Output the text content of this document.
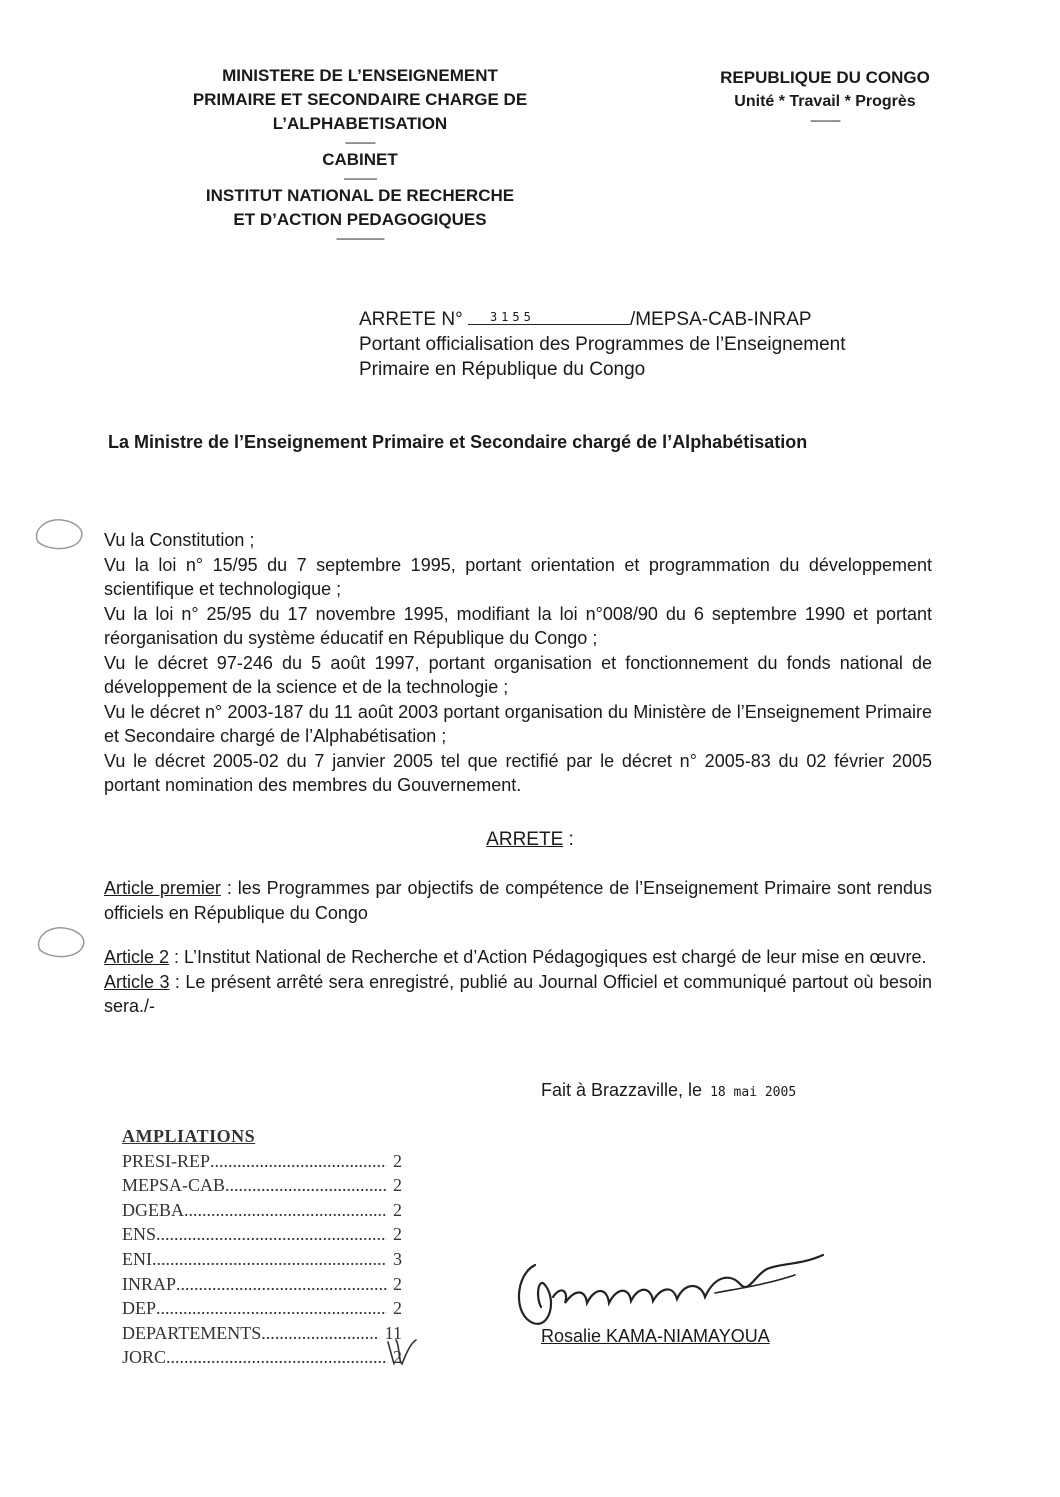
MINISTERE DE L’ENSEIGNEMENT
PRIMAIRE ET SECONDAIRE CHARGE DE
L’ALPHABETISATION
----------
CABINET
-----------
INSTITUT NATIONAL DE RECHERCHE
ET D’ACTION PEDAGOGIQUES
----------------
REPUBLIQUE DU CONGO
Unité * Travail * Progrès
----------
ARRETE N° 3155	/MEPSA-CAB-INRAP
Portant officialisation des Programmes de l’Enseignement
Primaire en République du Congo
La Ministre de l’Enseignement Primaire et Secondaire chargé de l’Alphabétisation

Vu la Constitution ;

Vu la loi n° 15/95 du 7 septembre 1995, portant orientation et programmation du développement scientifique et technologique ;

Vu la loi n° 25/95 du 17 novembre 1995, modifiant la loi n°008/90 du 6 septembre 1990 et portant réorganisation du système éducatif en République du Congo ;

Vu le décret 97-246 du 5 août 1997, portant organisation et fonctionnement du fonds national de développement de la science et de la technologie ;

Vu le décret n° 2003-187 du 11 août 2003 portant organisation du Ministère de l’Enseignement Primaire et Secondaire chargé de l’Alphabétisation ;

Vu le décret 2005-02 du 7 janvier 2005 tel que rectifié par le décret n° 2005-83 du 02 février 2005 portant nomination des membres du Gouvernement.

ARRETE :

Article premier : les Programmes par objectifs de compétence de l’Enseignement Primaire sont rendus officiels en République du Congo

Article 2 : L’Institut National de Recherche et d’Action Pédagogiques est chargé de leur mise en œuvre.

Article 3 : Le présent arrêté sera enregistré, publié au Journal Officiel et communiqué partout où besoin sera./-

Fait à Brazzaville, le 18 mai 2005
AMPLIATIONS
PRESI-REP .....	2
MEPSA-CAB .....	2
DGEBA .....	2
ENS .....	2
ENI .....	3
INRAP .....	2
DEP .....	2
DEPARTEMENTS .....	11
JORC .....	2
Rosalie KAMA-NIAMAYOUA
